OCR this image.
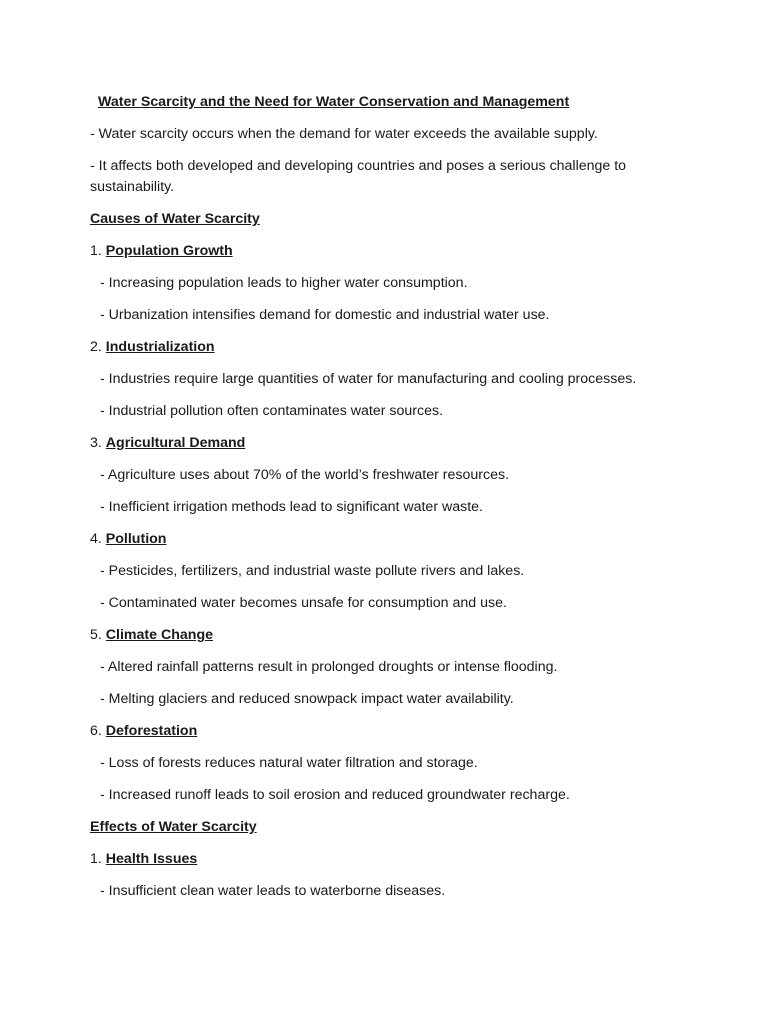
Water Scarcity and the Need for Water Conservation and Management
- Water scarcity occurs when the demand for water exceeds the available supply.
- It affects both developed and developing countries and poses a serious challenge to sustainability.
Causes of Water Scarcity
1. Population Growth
- Increasing population leads to higher water consumption.
- Urbanization intensifies demand for domestic and industrial water use.
2. Industrialization
- Industries require large quantities of water for manufacturing and cooling processes.
- Industrial pollution often contaminates water sources.
3. Agricultural Demand
- Agriculture uses about 70% of the world’s freshwater resources.
- Inefficient irrigation methods lead to significant water waste.
4. Pollution
- Pesticides, fertilizers, and industrial waste pollute rivers and lakes.
- Contaminated water becomes unsafe for consumption and use.
5. Climate Change
- Altered rainfall patterns result in prolonged droughts or intense flooding.
- Melting glaciers and reduced snowpack impact water availability.
6. Deforestation
- Loss of forests reduces natural water filtration and storage.
- Increased runoff leads to soil erosion and reduced groundwater recharge.
Effects of Water Scarcity
1. Health Issues
- Insufficient clean water leads to waterborne diseases.
